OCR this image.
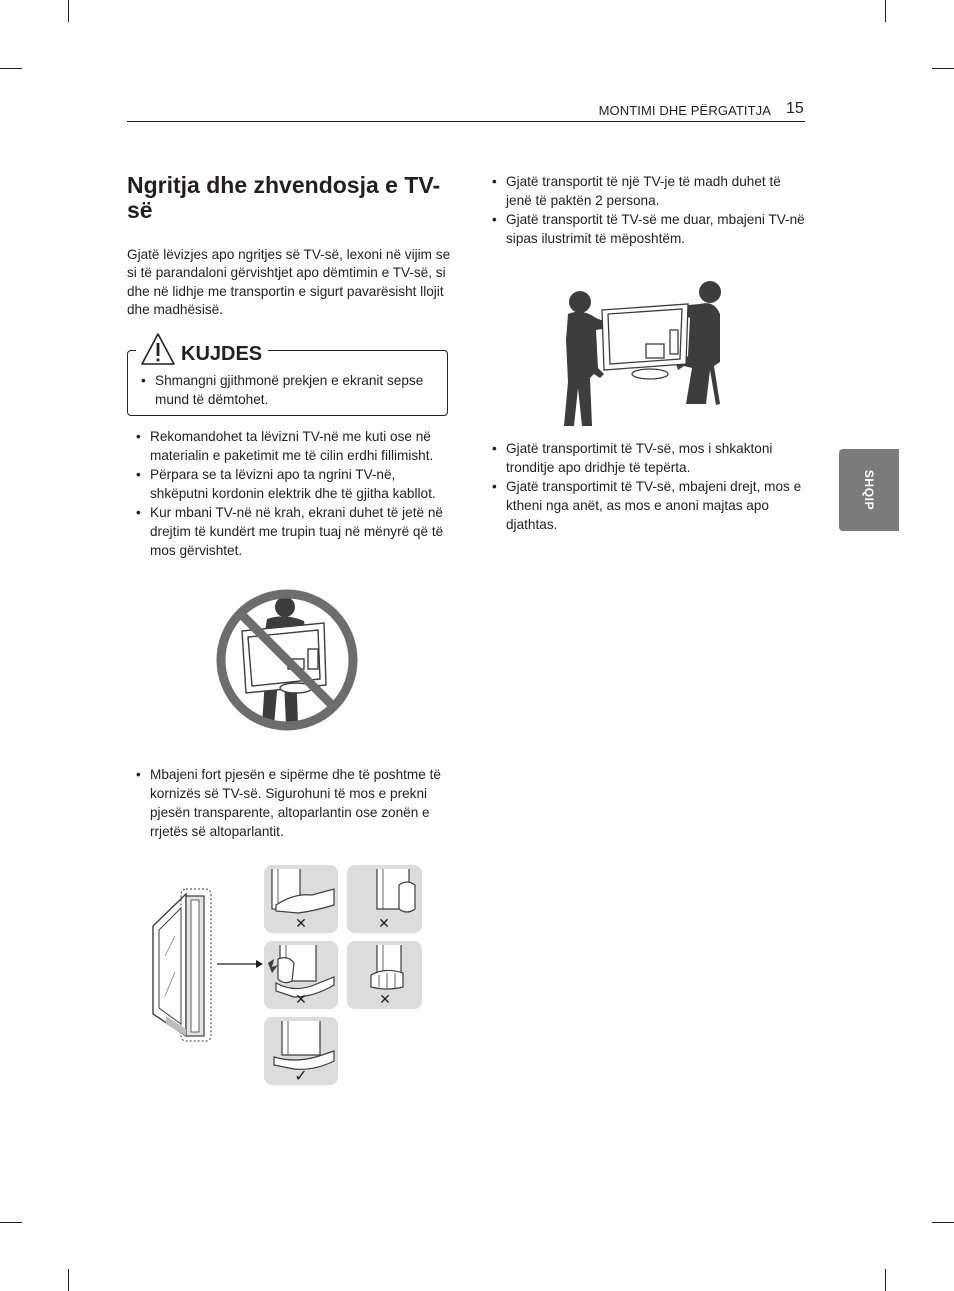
MONTIMI DHE PËRGATITJA 15
SHQIP
Ngritja dhe zhvendosja e TV-së

Gjatë lëvizjes apo ngritjes së TV-së, lexoni në vijim se si të parandaloni gërvishtjet apo dëmtimin e TV-së, si dhe në lidhje me transportin e sigurt pavarësisht llojit dhe madhësisë.

• Shmangni gjithmonë prekjen e ekranit sepse mund të dëmtohet.
KUJDES
• Rekomandohet ta lëvizni TV-në me kuti ose në materialin e paketimit me të cilin erdhi fillimisht.
• Përpara se ta lëvizni apo ta ngrini TV-në, shkëputni kordonin elektrik dhe të gjitha kabllot.
• Kur mbani TV-në në krah, ekrani duhet të jetë në drejtim të kundërt me trupin tuaj në mënyrë që të mos gërvishtet.
• Mbajeni fort pjesën e sipërme dhe të poshtme të kornizës së TV-së. Sigurohuni të mos e prekni pjesën transparente, altoparlantin ose zonën e rrjetës së altoparlantit.
✕	✕
✕	✕
✓
• Gjatë transportit të një TV-je të madh duhet të jenë të paktën 2 persona.
• Gjatë transportit të TV-së me duar, mbajeni TV-në sipas ilustrimit të mëposhtëm.
• Gjatë transportimit të TV-së, mos i shkaktoni tronditje apo dridhje të tepërta.
• Gjatë transportimit të TV-së, mbajeni drejt, mos e ktheni nga anët, as mos e anoni majtas apo djathtas.
